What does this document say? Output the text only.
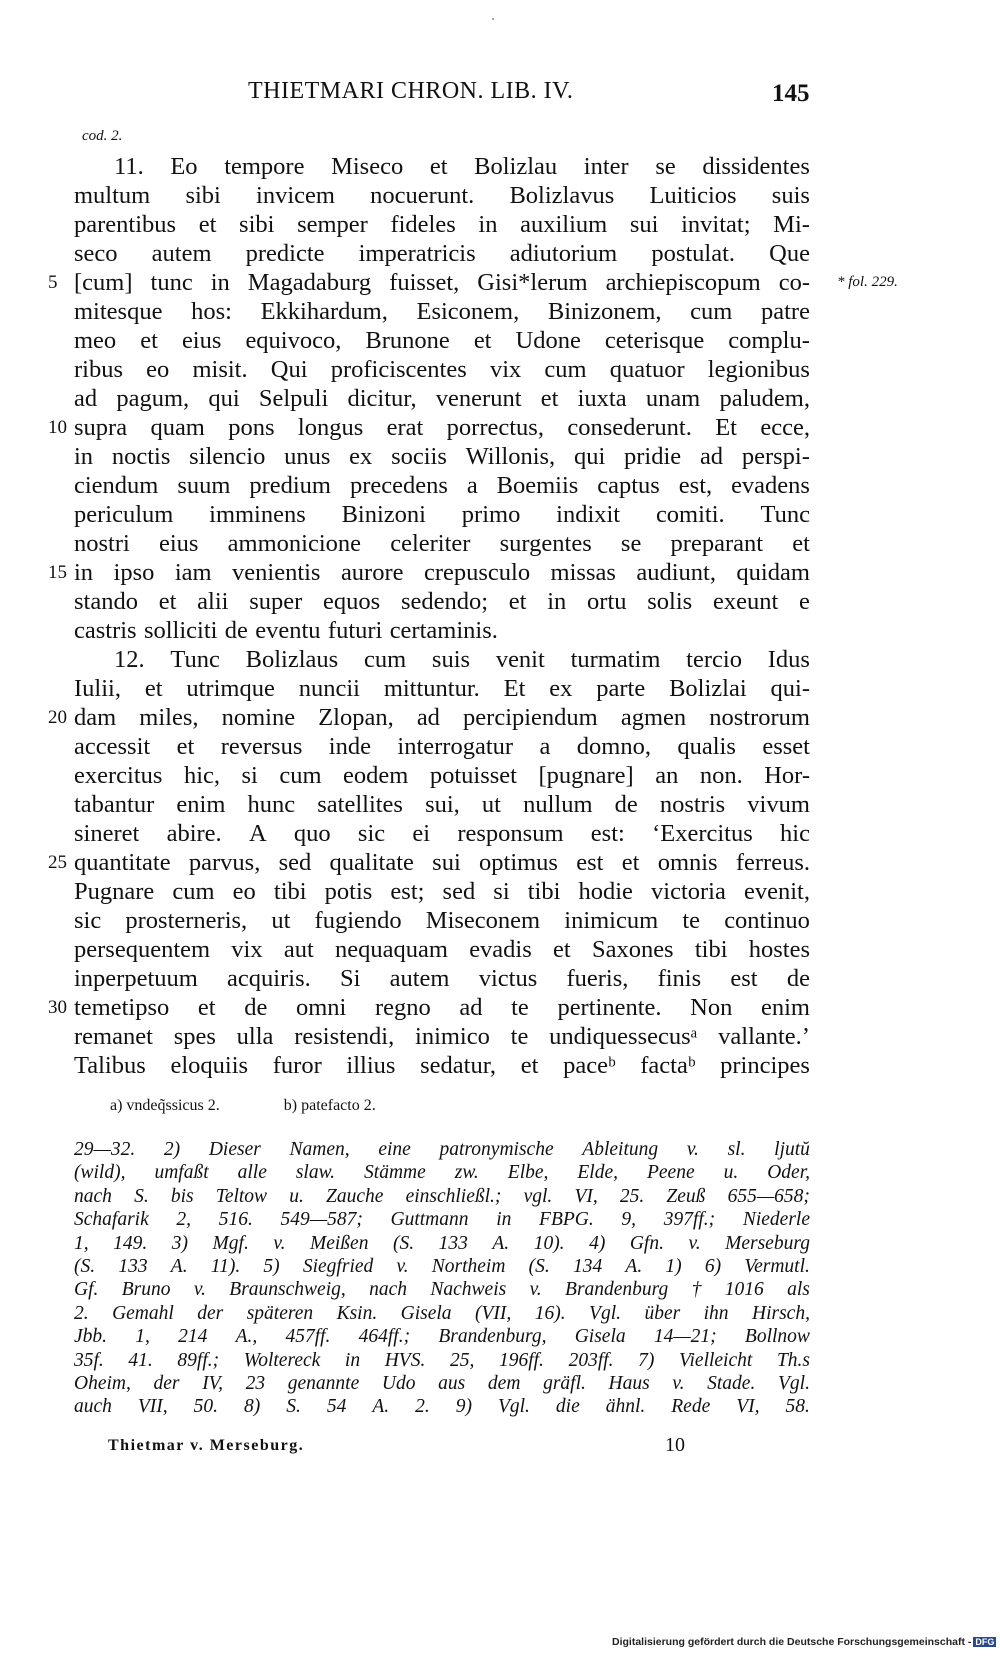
THIETMARI CHRON. LIB. IV.	145
cod. 2.
11. Eo tempore Miseco et Bolizlau inter se dissidentes
multum sibi invicem nocuerunt. Bolizlavus Luiticios suis
parentibus et sibi semper fideles in auxilium sui invitat; Mi-
seco autem predicte imperatricis adiutorium postulat. Que
5 [cum] tunc in Magadaburg fuisset, Gisi*lerum archiepiscopum co- * fol. 229.
mitesque hos: Ekkihardum, Esiconem, Binizonem, cum patre
meo et eius equivoco, Brunone et Udone ceterisque complu-
ribus eo misit. Qui proficiscentes vix cum quatuor legionibus
ad pagum, qui Selpuli dicitur, venerunt et iuxta unam paludem,
10 supra quam pons longus erat porrectus, consederunt. Et ecce,
in noctis silencio unus ex sociis Willonis, qui pridie ad perspi-
ciendum suum predium precedens a Boemiis captus est, evadens
periculum imminens Binizoni primo indixit comiti. Tunc
nostri eius ammonicione celeriter surgentes se preparant et
15 in ipso iam venientis aurore crepusculo missas audiunt, quidam
stando et alii super equos sedendo; et in ortu solis exeunt e
castris solliciti de eventu futuri certaminis.
12. Tunc Bolizlaus cum suis venit turmatim tercio Idus
Iulii, et utrimque nuncii mittuntur. Et ex parte Bolizlai qui-
20 dam miles, nomine Zlopan, ad percipiendum agmen nostrorum
accessit et reversus inde interrogatur a domno, qualis esset
exercitus hic, si cum eodem potuisset [pugnare] an non. Hor-
tabantur enim hunc satellites sui, ut nullum de nostris vivum
sineret abire. A quo sic ei responsum est: ‘Exercitus hic
25 quantitate parvus, sed qualitate sui optimus est et omnis ferreus.
Pugnare cum eo tibi potis est; sed si tibi hodie victoria evenit,
sic prosterneris, ut fugiendo Miseconem inimicum te continuo
persequentem vix aut nequaquam evadis et Saxones tibi hostes
inperpetuum acquiris. Si autem victus fueris, finis est de
30 temetipso et de omni regno ad te pertinente. Non enim
remanet spes ulla resistendi, inimico te undiquessecusᵃ vallante.’
Talibus eloquiis furor illius sedatur, et paceᵇ factaᵇ principes
a) vndeq̃ssicus 2.	b) patefacto 2.
29—32. 2) Dieser Namen, eine patronymische Ableitung v. sl. ljutŭ
(wild), umfaßt alle slaw. Stämme zw. Elbe, Elde, Peene u. Oder,
nach S. bis Teltow u. Zauche einschließl.; vgl. VI, 25. Zeuß 655—658;
Schafarik 2, 516. 549—587; Guttmann in FBPG. 9, 397ff.; Niederle
1, 149. 3) Mgf. v. Meißen (S. 133 A. 10). 4) Gfn. v. Merseburg
(S. 133 A. 11). 5) Siegfried v. Northeim (S. 134 A. 1) 6) Vermutl.
Gf. Bruno v. Braunschweig, nach Nachweis v. Brandenburg † 1016 als
2. Gemahl der späteren Ksin. Gisela (VII, 16). Vgl. über ihn Hirsch,
Jbb. 1, 214 A., 457ff. 464ff.; Brandenburg, Gisela 14—21; Bollnow
35f. 41. 89ff.; Woltereck in HVS. 25, 196ff. 203ff. 7) Vielleicht Th.s
Oheim, der IV, 23 genannte Udo aus dem gräfl. Haus v. Stade. Vgl.
auch VII, 50. 8) S. 54 A. 2. 9) Vgl. die ähnl. Rede VI, 58.
Thietmar v. Merseburg.	10
Digitalisierung gefördert durch die Deutsche Forschungsgemeinschaft - DFG
